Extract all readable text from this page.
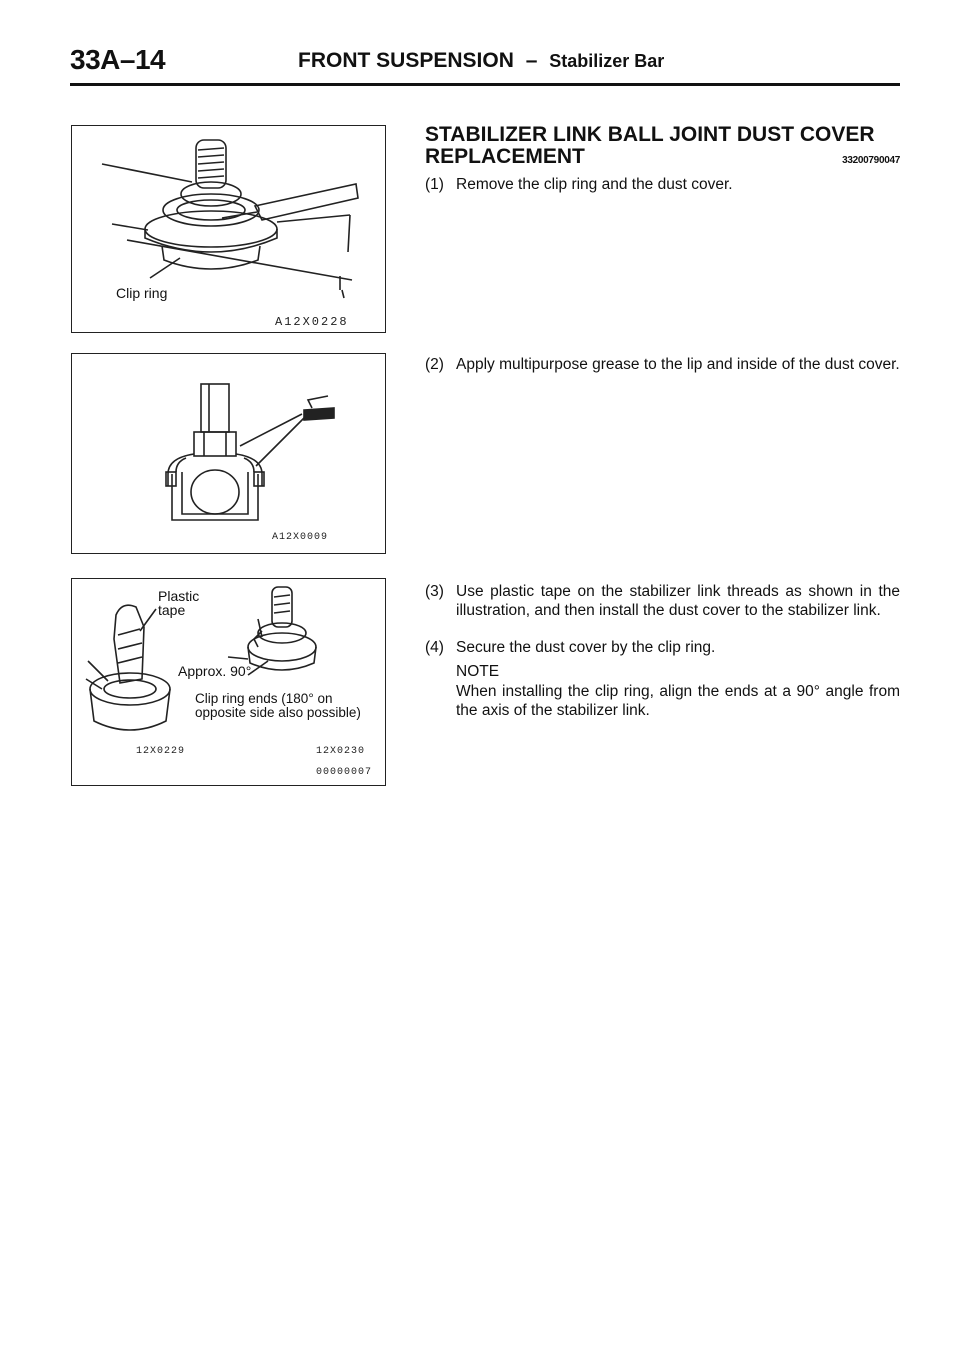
33A–14	FRONT SUSPENSION – Stabilizer Bar
Clip ring
A12X0228
A12X0009
Plastic
tape
Approx. 90°
Clip ring ends (180° on
opposite side also possible)
12X0229	12X0230
00000007
STABILIZER LINK BALL JOINT DUST COVER
REPLACEMENT	33200790047
(1) Remove the clip ring and the dust cover.
(2) Apply multipurpose grease to the lip and inside of the dust cover.
(3) Use plastic tape on the stabilizer link threads as shown in the illustration, and then install the dust cover to the stabilizer link.
(4) Secure the dust cover by the clip ring.
NOTE
When installing the clip ring, align the ends at a 90° angle from the axis of the stabilizer link.
